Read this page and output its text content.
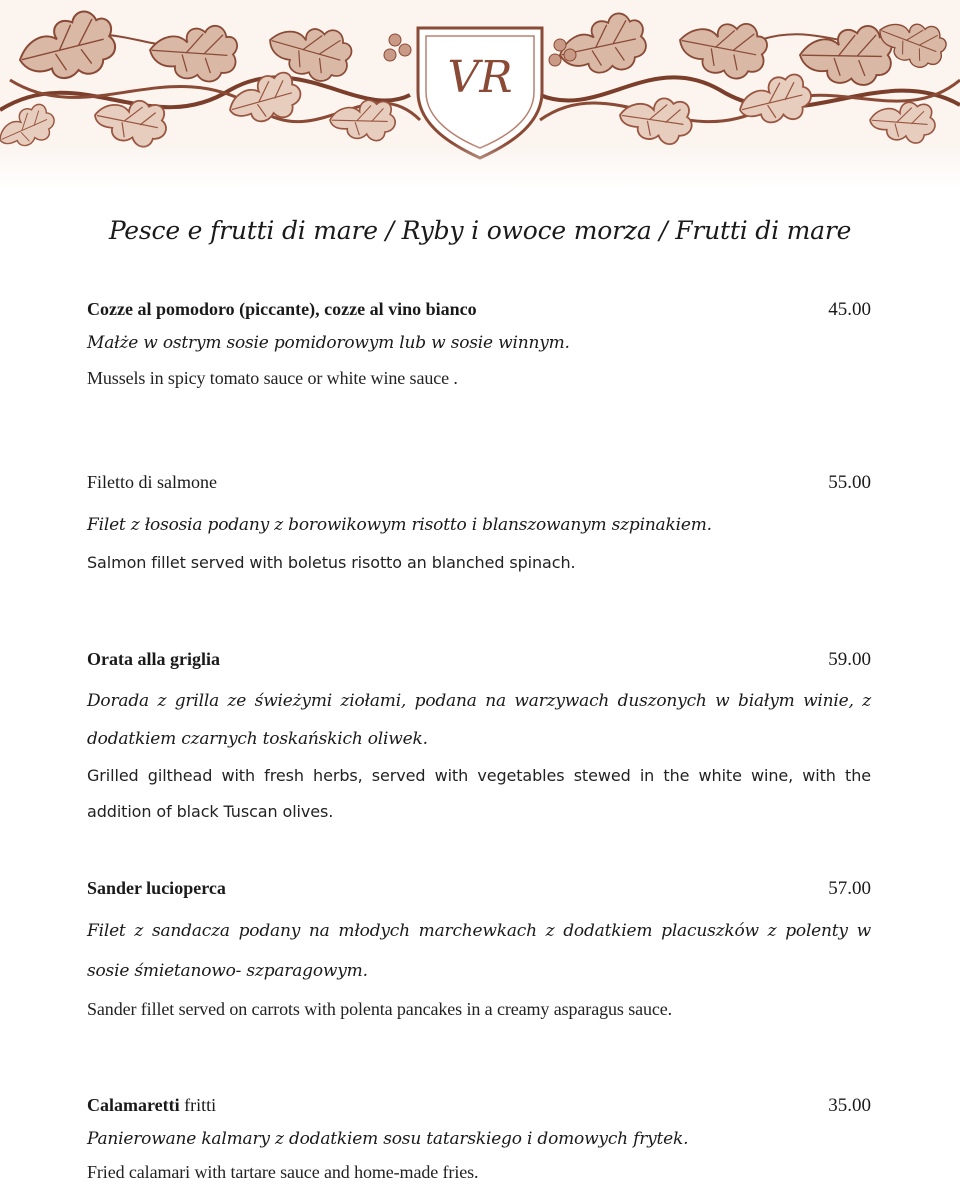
VR
Pesce e frutti di mare / Ryby i owoce morza / Frutti di mare
Cozze al pomodoro (piccante), cozze al vino bianco	45.00
Małże w ostrym sosie pomidorowym lub w sosie winnym.
Mussels in spicy tomato sauce or white wine sauce .
Filetto di salmone	55.00
Filet z łososia podany z borowikowym risotto i blanszowanym szpinakiem.
Salmon fillet served with boletus risotto an blanched spinach.
Orata alla griglia	59.00
Dorada z grilla ze świeżymi ziołami, podana na warzywach duszonych w białym winie, z dodatkiem czarnych toskańskich oliwek.
Grilled gilthead with fresh herbs, served with vegetables stewed in the white wine, with the addition of black Tuscan olives.
Sander lucioperca	57.00
Filet z sandacza podany na młodych marchewkach z dodatkiem placuszków z polenty w sosie śmietanowo- szparagowym.
Sander fillet served on carrots with polenta pancakes in a creamy asparagus sauce.
Calamaretti fritti	35.00
Panierowane kalmary z dodatkiem sosu tatarskiego i domowych frytek.
Fried calamari with tartare sauce and home-made fries.
